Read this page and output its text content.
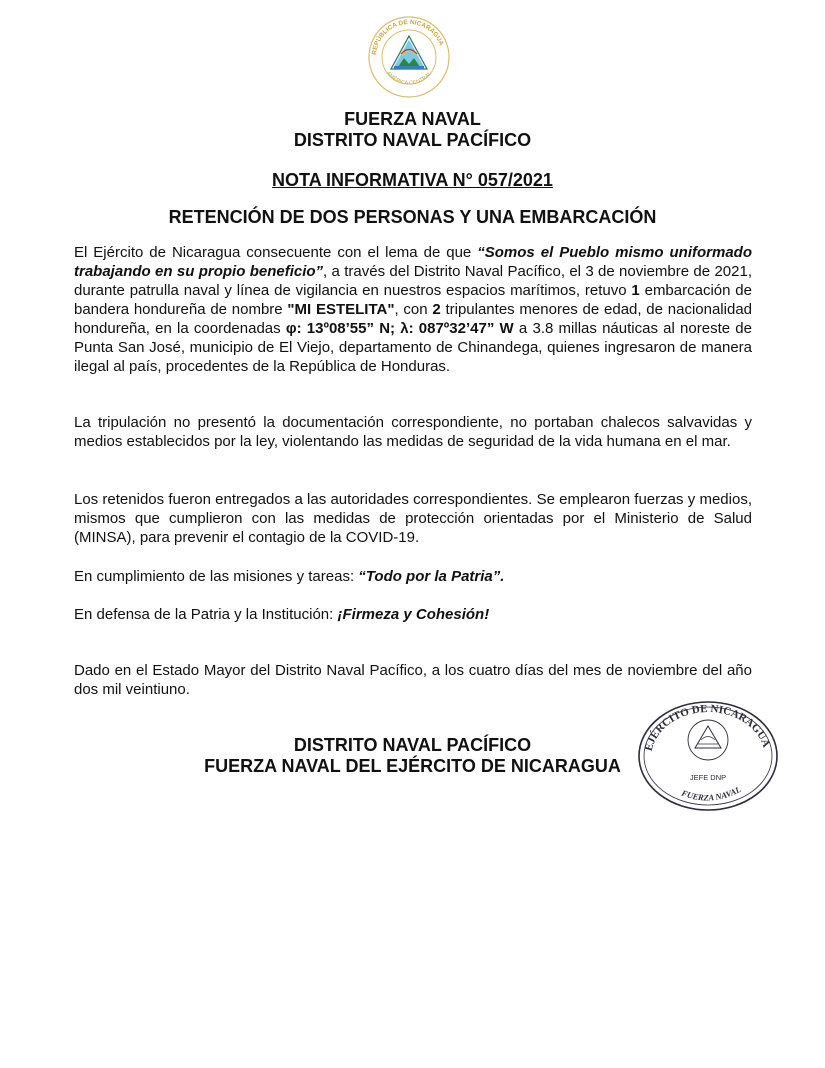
REPÚBLICA DE NICARAGUA
AMÉRICA CENTRAL
FUERZA NAVAL
DISTRITO NAVAL PACÍFICO
NOTA INFORMATIVA N° 057/2021
RETENCIÓN DE DOS PERSONAS Y UNA EMBARCACIÓN

El Ejército de Nicaragua consecuente con el lema de que “Somos el Pueblo mismo uniformado trabajando en su propio beneficio”, a través del Distrito Naval Pacífico, el 3 de noviembre de 2021, durante patrulla naval y línea de vigilancia en nuestros espacios marítimos, retuvo 1 embarcación de bandera hondureña de nombre "MI ESTELITA", con 2 tripulantes menores de edad, de nacionalidad hondureña, en la coordenadas φ: 13º08’55” N; λ: 087º32’47” W a 3.8 millas náuticas al noreste de Punta San José, municipio de El Viejo, departamento de Chinandega, quienes ingresaron de manera ilegal al país, procedentes de la República de Honduras.

La tripulación no presentó la documentación correspondiente, no portaban chalecos salvavidas y medios establecidos por la ley, violentando las medidas de seguridad de la vida humana en el mar.

Los retenidos fueron entregados a las autoridades correspondientes. Se emplearon fuerzas y medios, mismos que cumplieron con las medidas de protección orientadas por el Ministerio de Salud (MINSA), para prevenir el contagio de la COVID-19.

En cumplimiento de las misiones y tareas: “Todo por la Patria”.

En defensa de la Patria y la Institución: ¡Firmeza y Cohesión!

Dado en el Estado Mayor del Distrito Naval Pacífico, a los cuatro días del mes de noviembre del año dos mil veintiuno.

DISTRITO NAVAL PACÍFICO
FUERZA NAVAL DEL EJÉRCITO DE NICARAGUA
EJÉRCITO DE NICARAGUA
JEFE DNP
FUERZA NAVAL
